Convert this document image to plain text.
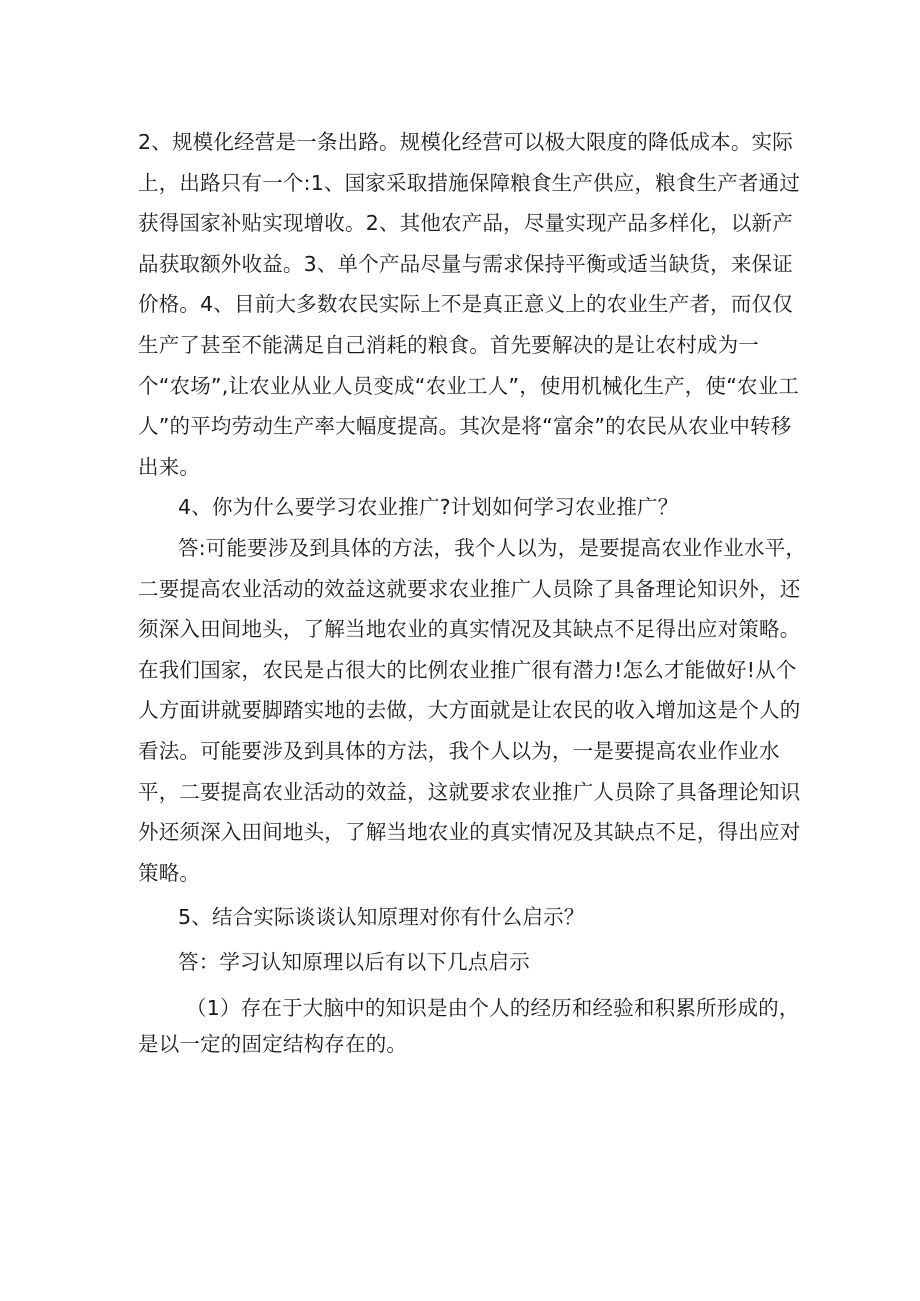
2、规模化经营是一条出路。规模化经营可以极大限度的降低成本。实际上，出路只有一个:1、国家采取措施保障粮食生产供应，粮食生产者通过获得国家补贴实现增收。2、其他农产品，尽量实现产品多样化，以新产品获取额外收益。3、单个产品尽量与需求保持平衡或适当缺货，来保证价格。4、目前大多数农民实际上不是真正意义上的农业生产者，而仅仅生产了甚至不能满足自己消耗的粮食。首先要解决的是让农村成为一个“农场”,让农业从业人员变成“农业工人”，使用机械化生产，使“农业工人”的平均劳动生产率大幅度提高。其次是将“富余”的农民从农业中转移出来。

4、你为什么要学习农业推广?计划如何学习农业推广？

答:可能要涉及到具体的方法，我个人以为，是要提高农业作业水平，二要提高农业活动的效益这就要求农业推广人员除了具备理论知识外，还须深入田间地头，了解当地农业的真实情况及其缺点不足得出应对策略。在我们国家，农民是占很大的比例农业推广很有潜力!怎么才能做好!从个人方面讲就要脚踏实地的去做，大方面就是让农民的收入增加这是个人的看法。可能要涉及到具体的方法，我个人以为，一是要提高农业作业水平，二要提高农业活动的效益，这就要求农业推广人员除了具备理论知识外还须深入田间地头，了解当地农业的真实情况及其缺点不足，得出应对策略。

5、结合实际谈谈认知原理对你有什么启示？

答：学习认知原理以后有以下几点启示

（1）存在于大脑中的知识是由个人的经历和经验和积累所形成的，是以一定的固定结构存在的。
